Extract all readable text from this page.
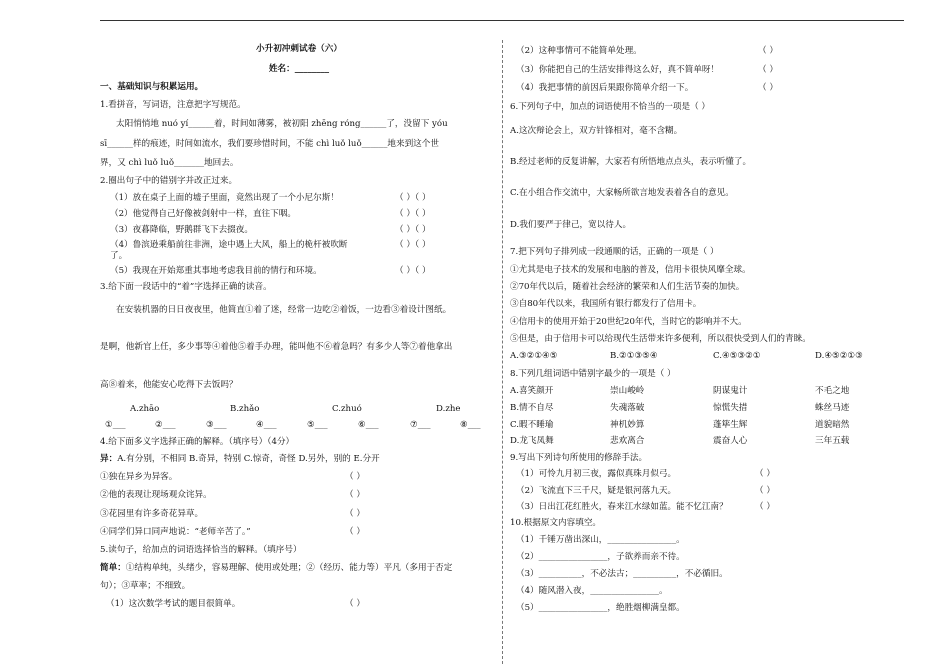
小升初冲刺试卷（六）
姓名：________
一、基础知识与积累运用。
1.看拼音，写词语，注意把字写规范。
太阳悄悄地 nuó yí______着，时间如薄雾，被初阳 zhēng róng______了，没留下 yóu
sī______样的痕迹，时间如流水，我们要珍惜时间，不能 chì luǒ luǒ______地来到这个世
界，又 chì luǒ luǒ_______地回去。
2.圈出句子中的错别字并改正过来。
（1）放在桌子上面的墟子里面，竟然出现了一个小尼尔斯！	（ ）（ ）
（2）他觉得自己好像被剑射中一样，直往下咽。	（ ）（ ）
（3）夜暮降临，野鹅群飞下去掇夜。	（ ）（ ）
（4）鲁滨逊乘船前往非洲，途中遇上大风，船上的桅杆被吹断	（ ）（ ）
了。
（5）我现在开始郑重其事地考虑我目前的情行和环境。	（ ）（ ）
3.给下面一段话中的“着”字选择正确的读音。
在安装机器的日日夜夜里，他简直①着了迷，经常一边吃②着饭，一边看③着设计图纸。
是啊，他新官上任，多少事等④着他⑤着手办理，能叫他不⑥着急吗？有多少人等⑦着他拿出
高⑧着来，他能安心吃得下去饭吗？
A.zhāo	B.zhǎo	C.zhuó	D.zhe
①___	②___	③___	④___	⑤___	⑥___	⑦___	⑧___
4.给下面多义字选择正确的解释。（填序号）（4分）
异：A.有分别，不相同 B.奇异，特别 C.惊奇，奇怪 D.另外，别的 E.分开
①独在异乡为异客。	（ ）
②他的表现让现场观众诧异。	（ ）
③花园里有许多奇花异草。	（ ）
④同学们异口同声地说：“老师辛苦了。”	（ ）
5.读句子，给加点的词语选择恰当的解释。（填序号）
简单：①结构单纯，头绪少，容易理解、使用或处理；②（经历、能力等）平凡（多用于否定
句）；③草率；不细致。
（1）这次数学考试的题目很简单。	（ ）
（2）这种事情可不能简单处理。	（ ）
（3）你能把自己的生活安排得这么好，真不简单呀！	（ ）
（4）我把事情的前因后果跟你简单介绍一下。	（ ）
6.下列句子中，加点的词语使用不恰当的一项是（ ）
A.这次辩论会上，双方针锋相对，毫不含糊。
B.经过老师的反复讲解，大家若有所悟地点点头，表示听懂了。
C.在小组合作交流中，大家畅所欲言地发表着各自的意见。
D.我们要严于律己，宽以待人。
7.把下列句子排列成一段通顺的话，正确的一项是（ ）
①尤其是电子技术的发展和电脑的普及，信用卡很快风靡全球。
②70年代以后，随着社会经济的繁荣和人们生活节奏的加快。
③自80年代以来，我国所有银行都发行了信用卡。
④信用卡的使用开始于20世纪20年代，当时它的影响并不大。
⑤但是，由于信用卡可以给现代生活带来许多便利，所以很快受到人们的青睐。
A.③②①④⑤	B.②①③⑤④	C.④⑤③②①	D.④⑤②①③
8.下列几组词语中错别字最少的一项是（ ）
A.喜笑颜开	崇山峻岭	阴谋鬼计	不毛之地
B.情不自尽	失魂落破	惊慌失措	蛛丝马迹
C.暇不睡瑜	神机妙算	蓬筚生辉	道貌暗然
D.龙飞凤舞	悲欢离合	震奋人心	三年五载
9.写出下列诗句所使用的修辞手法。
（1）可怜九月初三夜，露似真珠月似弓。	（ ）
（2）飞流直下三千尺，疑是银河落九天。	（ ）
（3）日出江花红胜火，春来江水绿如蓝。能不忆江南？	（ ）
10.根据原文内容填空。
（1）千锤万凿出深山，________________。
（2）________________，子欲养而亲不待。
（3）__________，不必法古；__________，不必循旧。
（4）随风潜入夜，________________。
（5）________________，绝胜烟柳满皇都。
